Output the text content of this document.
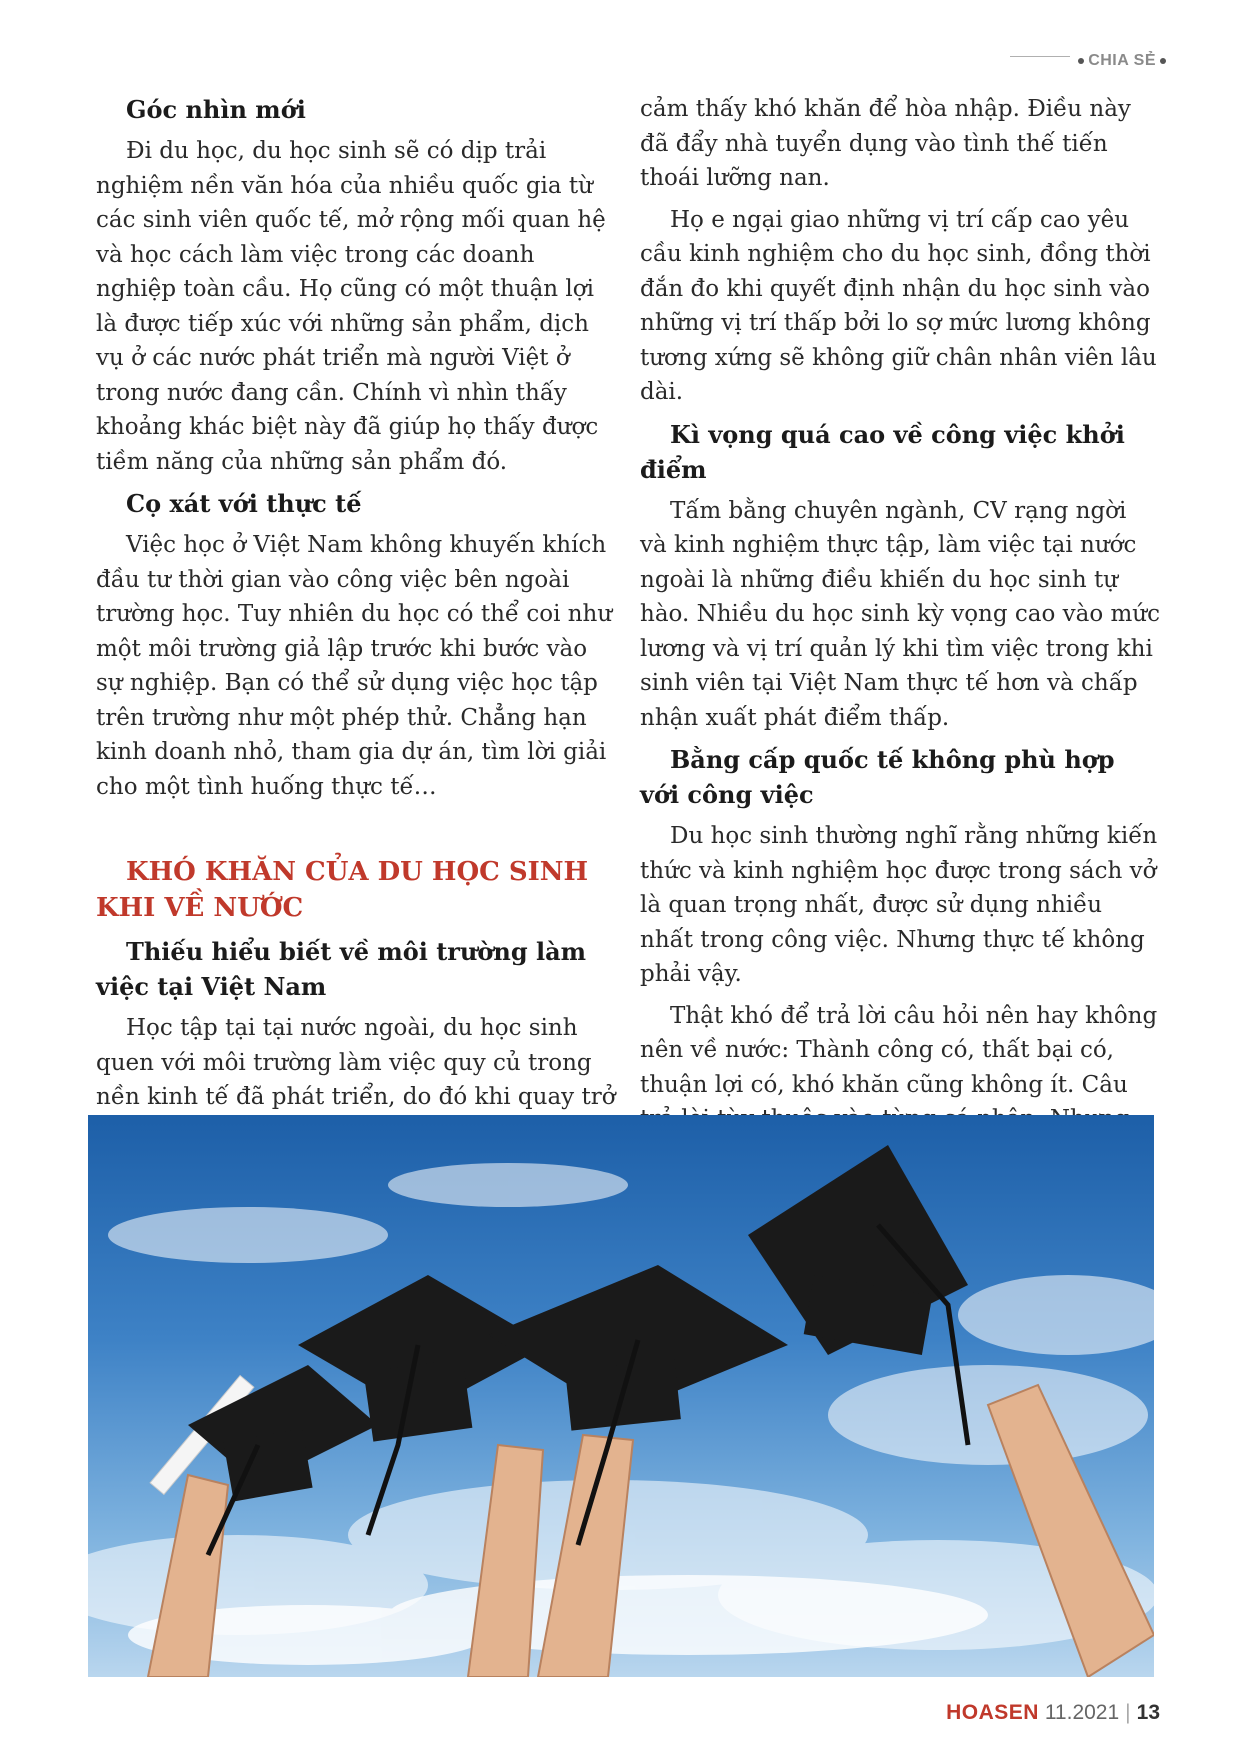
CHIA SẺ
Góc nhìn mới

Đi du học, du học sinh sẽ có dịp trải nghiệm nền văn hóa của nhiều quốc gia từ các sinh viên quốc tế, mở rộng mối quan hệ và học cách làm việc trong các doanh nghiệp toàn cầu. Họ cũng có một thuận lợi là được tiếp xúc với những sản phẩm, dịch vụ ở các nước phát triển mà người Việt ở trong nước đang cần. Chính vì nhìn thấy khoảng khác biệt này đã giúp họ thấy được tiềm năng của những sản phẩm đó.

Cọ xát với thực tế

Việc học ở Việt Nam không khuyến khích đầu tư thời gian vào công việc bên ngoài trường học. Tuy nhiên du học có thể coi như một môi trường giả lập trước khi bước vào sự nghiệp. Bạn có thể sử dụng việc học tập trên trường như một phép thử. Chẳng hạn kinh doanh nhỏ, tham gia dự án, tìm lời giải cho một tình huống thực tế…

KHÓ KHĂN CỦA DU HỌC SINH KHI VỀ NƯỚC
Thiếu hiểu biết về môi trường làm việc tại Việt Nam

Học tập tại tại nước ngoài, du học sinh quen với môi trường làm việc quy củ trong nền kinh tế đã phát triển, do đó khi quay trở

cảm thấy khó khăn để hòa nhập. Điều này đã đẩy nhà tuyển dụng vào tình thế tiến thoái lưỡng nan.

Họ e ngại giao những vị trí cấp cao yêu cầu kinh nghiệm cho du học sinh, đồng thời đắn đo khi quyết định nhận du học sinh vào những vị trí thấp bởi lo sợ mức lương không tương xứng sẽ không giữ chân nhân viên lâu dài.

Kì vọng quá cao về công việc khởi điểm

Tấm bằng chuyên ngành, CV rạng ngời và kinh nghiệm thực tập, làm việc tại nước ngoài là những điều khiến du học sinh tự hào. Nhiều du học sinh kỳ vọng cao vào mức lương và vị trí quản lý khi tìm việc trong khi sinh viên tại Việt Nam thực tế hơn và chấp nhận xuất phát điểm thấp.

Bằng cấp quốc tế không phù hợp với công việc

Du học sinh thường nghĩ rằng những kiến thức và kinh nghiệm học được trong sách vở là quan trọng nhất, được sử dụng nhiều nhất trong công việc. Nhưng thực tế không phải vậy.

Thật khó để trả lời câu hỏi nên hay không nên về nước: Thành công có, thất bại có, thuận lợi có, khó khăn cũng không ít. Câu

HOASEN 11.2021 | 13
